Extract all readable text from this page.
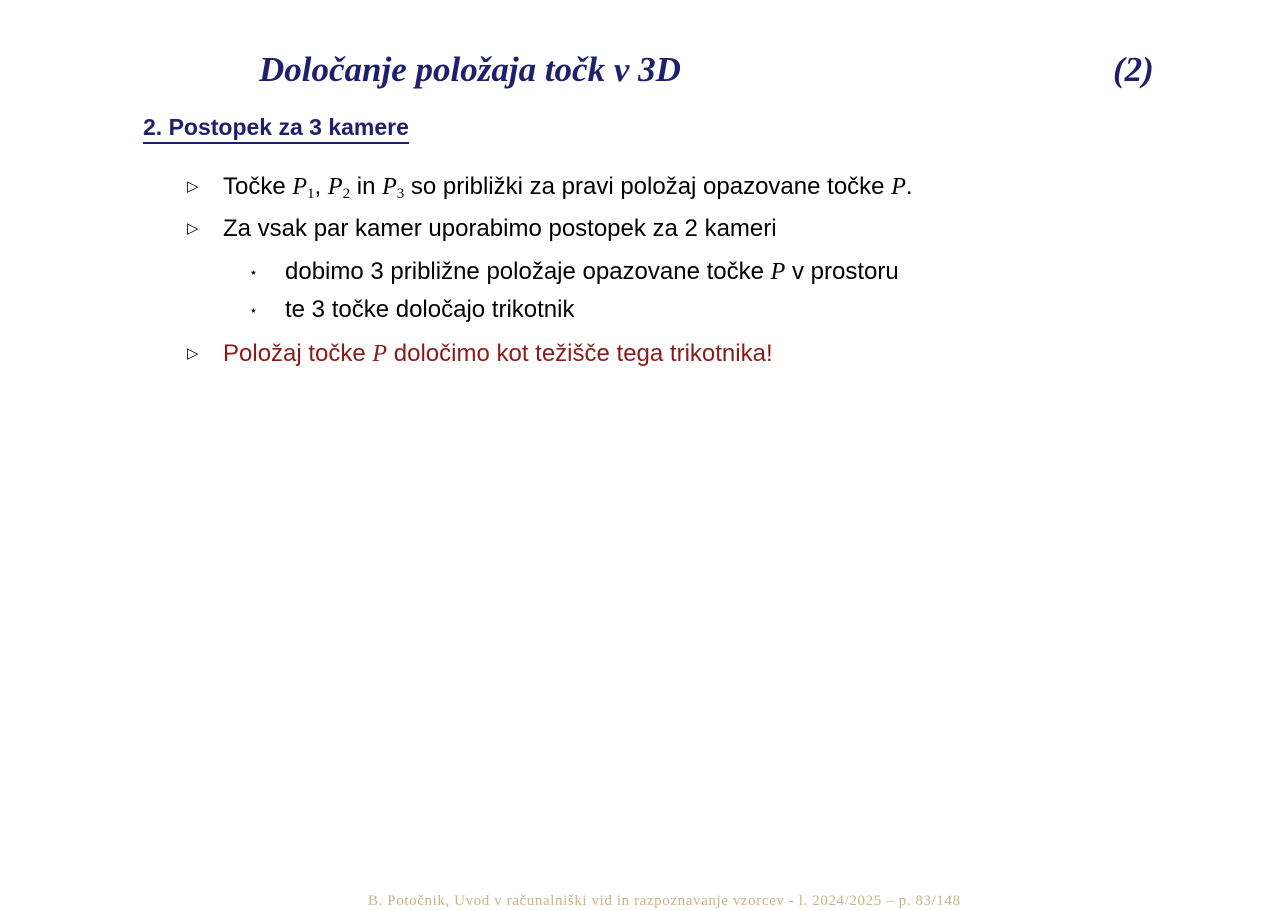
Določanje položaja točk v 3D	(2)
2. Postopek za 3 kamere
▷ Točke $P_1$, $P_2$ in $P_3$ so približki za pravi položaj opazovane točke P.
▷ Za vsak par kamer uporabimo postopek za 2 kameri
⋆ dobimo 3 približne položaje opazovane točke P v prostoru
⋆ te 3 točke določajo trikotnik
▷ Položaj točke P določimo kot težišče tega trikotnika!
B. Potočnik, Uvod v računalniški vid in razpoznavanje vzorcev - l. 2024/2025 – p. 83/148
